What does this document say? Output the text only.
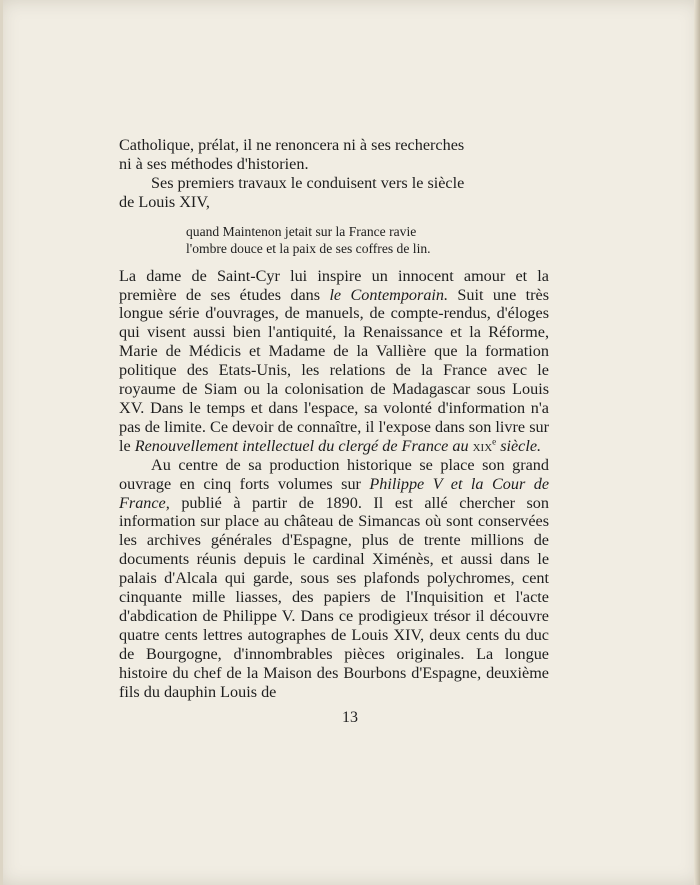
Catholique, prélat, il ne renoncera ni à ses recherches
ni à ses méthodes d'historien.

Ses premiers travaux le conduisent vers le siècle
de Louis XIV,

quand Maintenon jetait sur la France ravie
l'ombre douce et la paix de ses coffres de lin.

La dame de Saint-Cyr lui inspire un innocent amour et la première de ses études dans le Contemporain. Suit une très longue série d'ouvrages, de manuels, de compte-rendus, d'éloges qui visent aussi bien l'antiquité, la Renaissance et la Réforme, Marie de Médicis et Madame de la Vallière que la formation politique des Etats-Unis, les relations de la France avec le royaume de Siam ou la colonisation de Madagascar sous Louis XV. Dans le temps et dans l'espace, sa volonté d'information n'a pas de limite. Ce devoir de connaître, il l'expose dans son livre sur le Renouvellement intellectuel du clergé de France au xix$^e$ siècle.

Au centre de sa production historique se place son grand ouvrage en cinq forts volumes sur Philippe V et la Cour de France, publié à partir de 1890. Il est allé chercher son information sur place au château de Simancas où sont conservées les archives générales d'Espagne, plus de trente millions de documents réunis depuis le cardinal Ximénès, et aussi dans le palais d'Alcala qui garde, sous ses plafonds polychromes, cent cinquante mille liasses, des papiers de l'Inquisition et l'acte d'abdication de Philippe V. Dans ce prodigieux trésor il découvre quatre cents lettres autographes de Louis XIV, deux cents du duc de Bourgogne, d'innombrables pièces originales. La longue histoire du chef de la Maison des Bourbons d'Espagne, deuxième fils du dauphin Louis de

13
